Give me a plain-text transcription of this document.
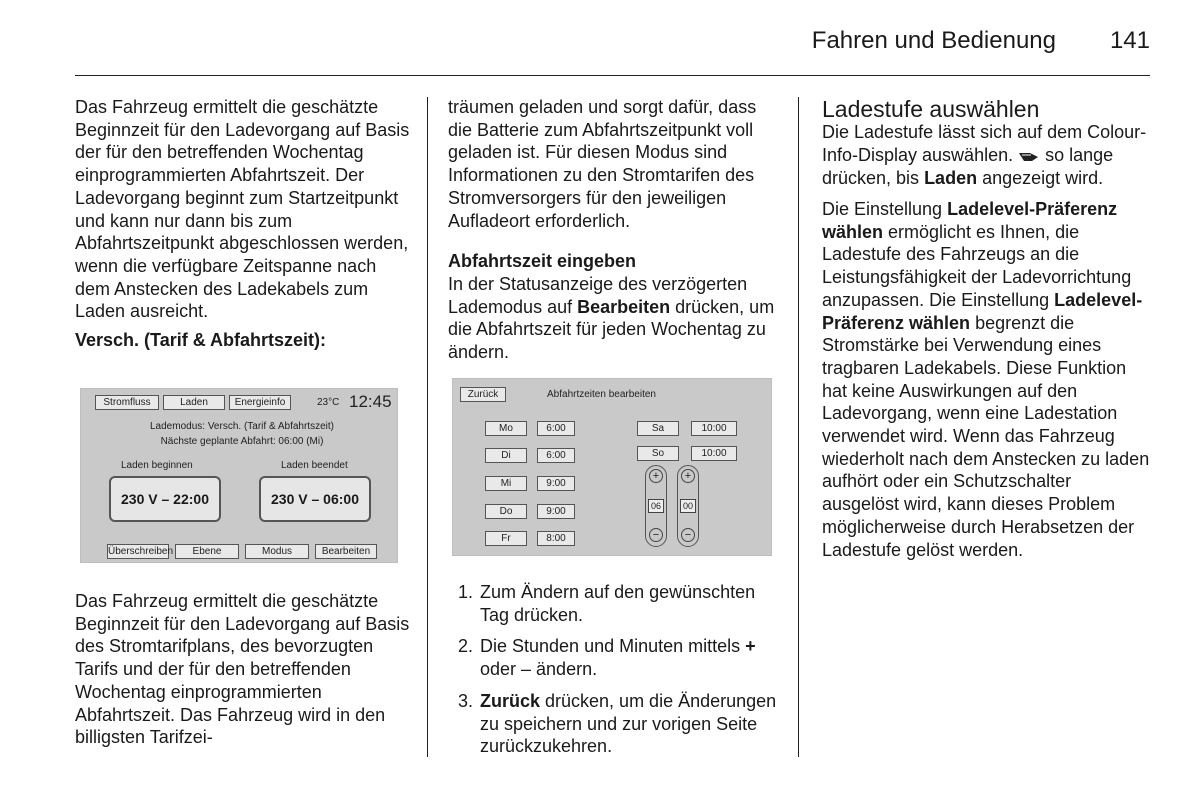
Fahren und Bedienung	141

Das Fahrzeug ermittelt die geschätzte Beginnzeit für den Ladevorgang auf Basis der für den betreffenden Wochentag einprogrammierten Abfahrtszeit. Der Ladevorgang beginnt zum Startzeitpunkt und kann nur dann bis zum Abfahrtszeitpunkt abgeschlossen werden, wenn die verfügbare Zeitspanne nach dem Anstecken des Ladekabels zum Laden ausreicht.

Versch. (Tarif & Abfahrtszeit):

Stromfluss	Laden	Energieinfo	23°C 12:45
Lademodus: Versch. (Tarif & Abfahrtszeit)
Nächste geplante Abfahrt: 06:00 (Mi)
Laden beginnen	Laden beendet
230 V – 22:00	230 V – 06:00
Überschreiben	Ebene	Modus	Bearbeiten

Das Fahrzeug ermittelt die geschätzte Beginnzeit für den Ladevorgang auf Basis des Stromtarifplans, des bevorzugten Tarifs und der für den betreffenden Wochentag einprogrammierten Abfahrtszeit. Das Fahrzeug wird in den billigsten Tarifzei-

träumen geladen und sorgt dafür, dass die Batterie zum Abfahrtszeitpunkt voll geladen ist. Für diesen Modus sind Informationen zu den Stromtarifen des Stromversorgers für den jeweiligen Aufladeort erforderlich.

Abfahrtszeit eingeben

In der Statusanzeige des verzögerten Lademodus auf Bearbeiten drücken, um die Abfahrtszeit für jeden Wochentag zu ändern.

Zurück	Abfahrtzeiten bearbeiten
Mo	6:00
Di	6:00
Mi	9:00
Do	9:00
Fr	8:00
Sa	10:00
So	10:00
+
06
−
+
00
−
1. Zum Ändern auf den gewünschten Tag drücken.
2. Die Stunden und Minuten mittels + oder – ändern.
3. Zurück drücken, um die Änderungen zu speichern und zur vorigen Seite zurückzukehren.

Ladestufe auswählen

Die Ladestufe lässt sich auf dem Colour-Info-Display auswählen.  so lange drücken, bis Laden angezeigt wird.

Die Einstellung Ladelevel-Präferenz wählen ermöglicht es Ihnen, die Ladestufe des Fahrzeugs an die Leistungsfähigkeit der Ladevorrichtung anzupassen. Die Einstellung Ladelevel-Präferenz wählen begrenzt die Stromstärke bei Verwendung eines tragbaren Ladekabels. Diese Funktion hat keine Auswirkungen auf den Ladevorgang, wenn eine Ladestation verwendet wird. Wenn das Fahrzeug wiederholt nach dem Anstecken zu laden aufhört oder ein Schutzschalter ausgelöst wird, kann dieses Problem möglicherweise durch Herabsetzen der Ladestufe gelöst werden.
